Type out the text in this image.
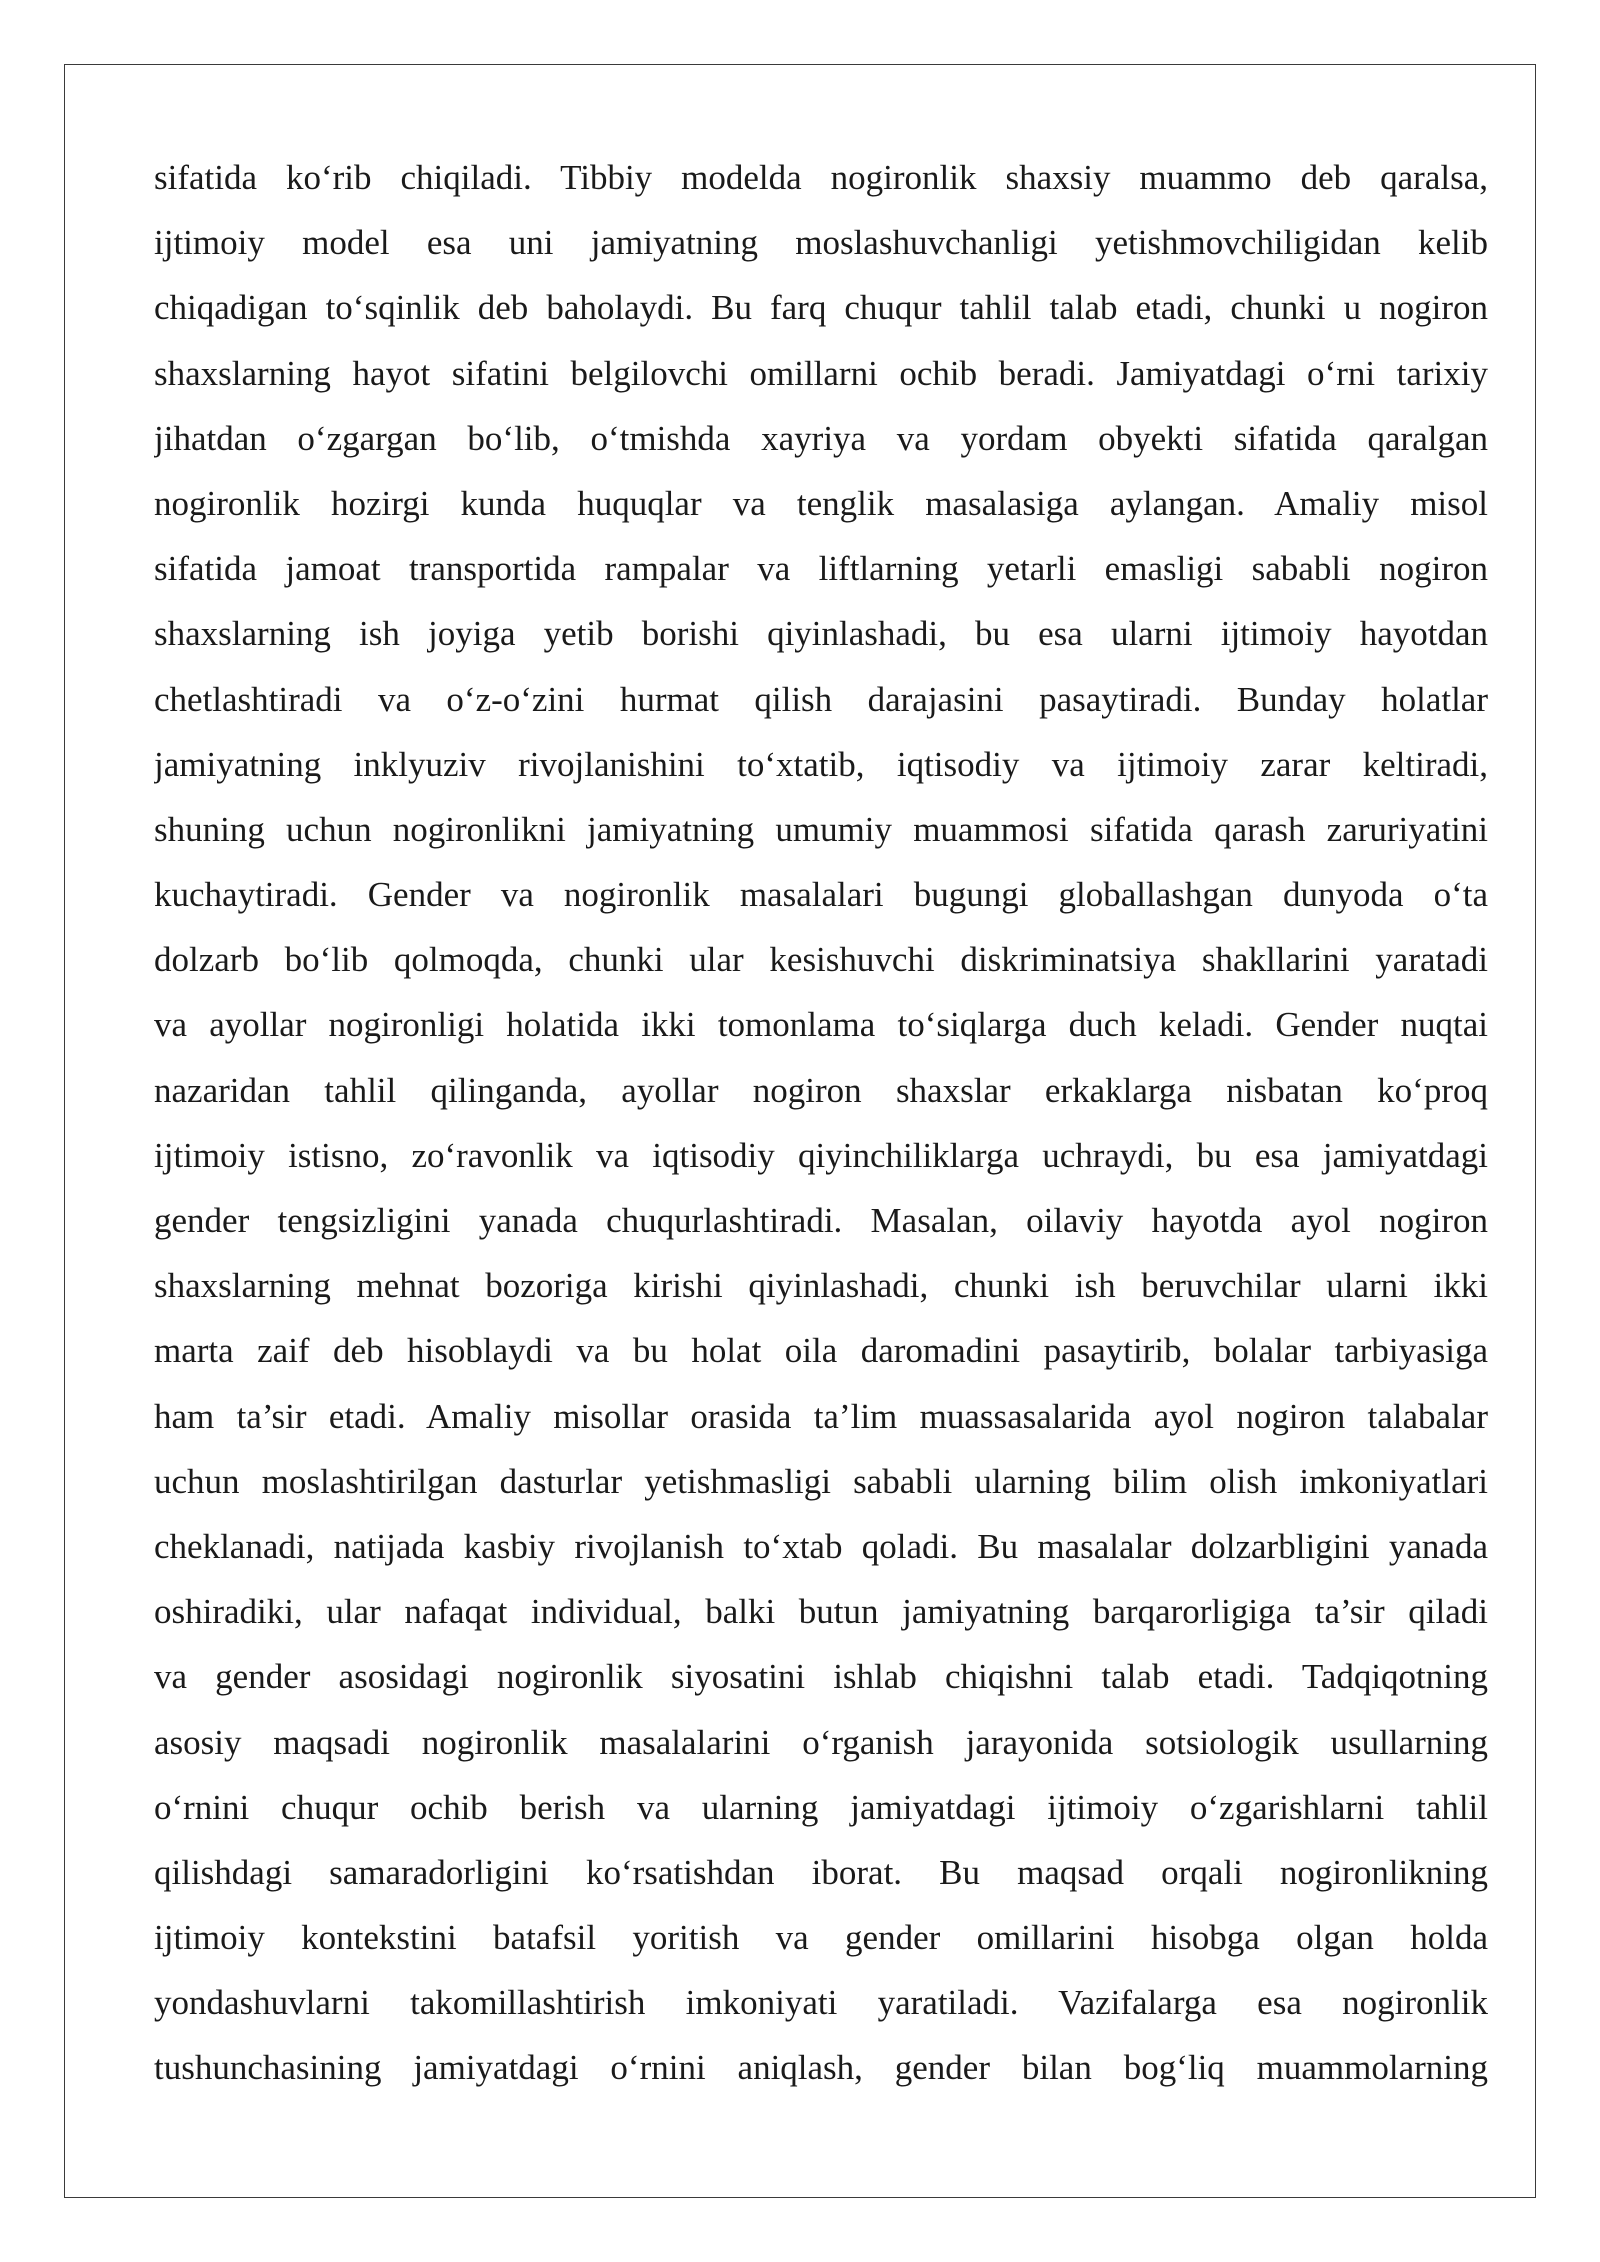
sifatida ko‘rib chiqiladi. Tibbiy modelda nogironlik shaxsiy muammo deb qaralsa,
ijtimoiy model esa uni jamiyatning moslashuvchanligi yetishmovchiligidan kelib
chiqadigan to‘sqinlik deb baholaydi. Bu farq chuqur tahlil talab etadi, chunki u nogiron
shaxslarning hayot sifatini belgilovchi omillarni ochib beradi. Jamiyatdagi o‘rni tarixiy
jihatdan o‘zgargan bo‘lib, o‘tmishda xayriya va yordam obyekti sifatida qaralgan
nogironlik hozirgi kunda huquqlar va tenglik masalasiga aylangan. Amaliy misol
sifatida jamoat transportida rampalar va liftlarning yetarli emasligi sababli nogiron
shaxslarning ish joyiga yetib borishi qiyinlashadi, bu esa ularni ijtimoiy hayotdan
chetlashtiradi va o‘z-o‘zini hurmat qilish darajasini pasaytiradi. Bunday holatlar
jamiyatning inklyuziv rivojlanishini to‘xtatib, iqtisodiy va ijtimoiy zarar keltiradi,
shuning uchun nogironlikni jamiyatning umumiy muammosi sifatida qarash zaruriyatini
kuchaytiradi. Gender va nogironlik masalalari bugungi globallashgan dunyoda o‘ta
dolzarb bo‘lib qolmoqda, chunki ular kesishuvchi diskriminatsiya shakllarini yaratadi
va ayollar nogironligi holatida ikki tomonlama to‘siqlarga duch keladi. Gender nuqtai
nazaridan tahlil qilinganda, ayollar nogiron shaxslar erkaklarga nisbatan ko‘proq
ijtimoiy istisno, zo‘ravonlik va iqtisodiy qiyinchiliklarga uchraydi, bu esa jamiyatdagi
gender tengsizligini yanada chuqurlashtiradi. Masalan, oilaviy hayotda ayol nogiron
shaxslarning mehnat bozoriga kirishi qiyinlashadi, chunki ish beruvchilar ularni ikki
marta zaif deb hisoblaydi va bu holat oila daromadini pasaytirib, bolalar tarbiyasiga
ham ta’sir etadi. Amaliy misollar orasida ta’lim muassasalarida ayol nogiron talabalar
uchun moslashtirilgan dasturlar yetishmasligi sababli ularning bilim olish imkoniyatlari
cheklanadi, natijada kasbiy rivojlanish to‘xtab qoladi. Bu masalalar dolzarbligini yanada
oshiradiki, ular nafaqat individual, balki butun jamiyatning barqarorligiga ta’sir qiladi
va gender asosidagi nogironlik siyosatini ishlab chiqishni talab etadi. Tadqiqotning
asosiy maqsadi nogironlik masalalarini o‘rganish jarayonida sotsiologik usullarning
o‘rnini chuqur ochib berish va ularning jamiyatdagi ijtimoiy o‘zgarishlarni tahlil
qilishdagi samaradorligini ko‘rsatishdan iborat. Bu maqsad orqali nogironlikning
ijtimoiy kontekstini batafsil yoritish va gender omillarini hisobga olgan holda
yondashuvlarni takomillashtirish imkoniyati yaratiladi. Vazifalarga esa nogironlik
tushunchasining jamiyatdagi o‘rnini aniqlash, gender bilan bog‘liq muammolarning
